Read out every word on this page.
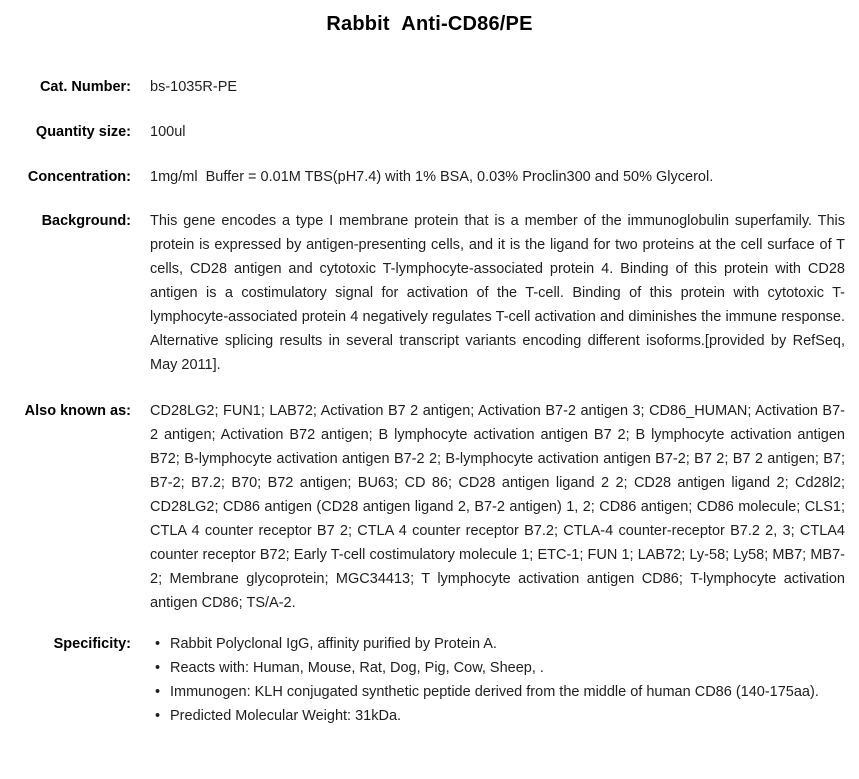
Rabbit  Anti-CD86/PE
Cat. Number: bs-1035R-PE
Quantity size: 100ul
Concentration: 1mg/ml  Buffer = 0.01M TBS(pH7.4) with 1% BSA, 0.03% Proclin300 and 50% Glycerol.
Background: This gene encodes a type I membrane protein that is a member of the immunoglobulin superfamily. This protein is expressed by antigen-presenting cells, and it is the ligand for two proteins at the cell surface of T cells, CD28 antigen and cytotoxic T-lymphocyte-associated protein 4. Binding of this protein with CD28 antigen is a costimulatory signal for activation of the T-cell. Binding of this protein with cytotoxic T-lymphocyte-associated protein 4 negatively regulates T-cell activation and diminishes the immune response. Alternative splicing results in several transcript variants encoding different isoforms.[provided by RefSeq, May 2011].
Also known as: CD28LG2; FUN1; LAB72; Activation B7 2 antigen; Activation B7-2 antigen 3; CD86_HUMAN; Activation B7-2 antigen; Activation B72 antigen; B lymphocyte activation antigen B7 2; B lymphocyte activation antigen B72; B-lymphocyte activation antigen B7-2 2; B-lymphocyte activation antigen B7-2; B7 2; B7 2 antigen; B7; B7-2; B7.2; B70; B72 antigen; BU63; CD 86; CD28 antigen ligand 2 2; CD28 antigen ligand 2; Cd28l2; CD28LG2; CD86 antigen (CD28 antigen ligand 2, B7-2 antigen) 1, 2; CD86 antigen; CD86 molecule; CLS1; CTLA 4 counter receptor B7 2; CTLA 4 counter receptor B7.2; CTLA-4 counter-receptor B7.2 2, 3; CTLA4 counter receptor B72; Early T-cell costimulatory molecule 1; ETC-1; FUN 1; LAB72; Ly-58; Ly58; MB7; MB7-2; Membrane glycoprotein; MGC34413; T lymphocyte activation antigen CD86; T-lymphocyte activation antigen CD86; TS/A-2.
Specificity:	• Rabbit Polyclonal IgG, affinity purified by Protein A.
• Reacts with: Human, Mouse, Rat, Dog, Pig, Cow, Sheep, .
• Immunogen: KLH conjugated synthetic peptide derived from the middle of human CD86 (140-175aa).
• Predicted Molecular Weight: 31kDa.
